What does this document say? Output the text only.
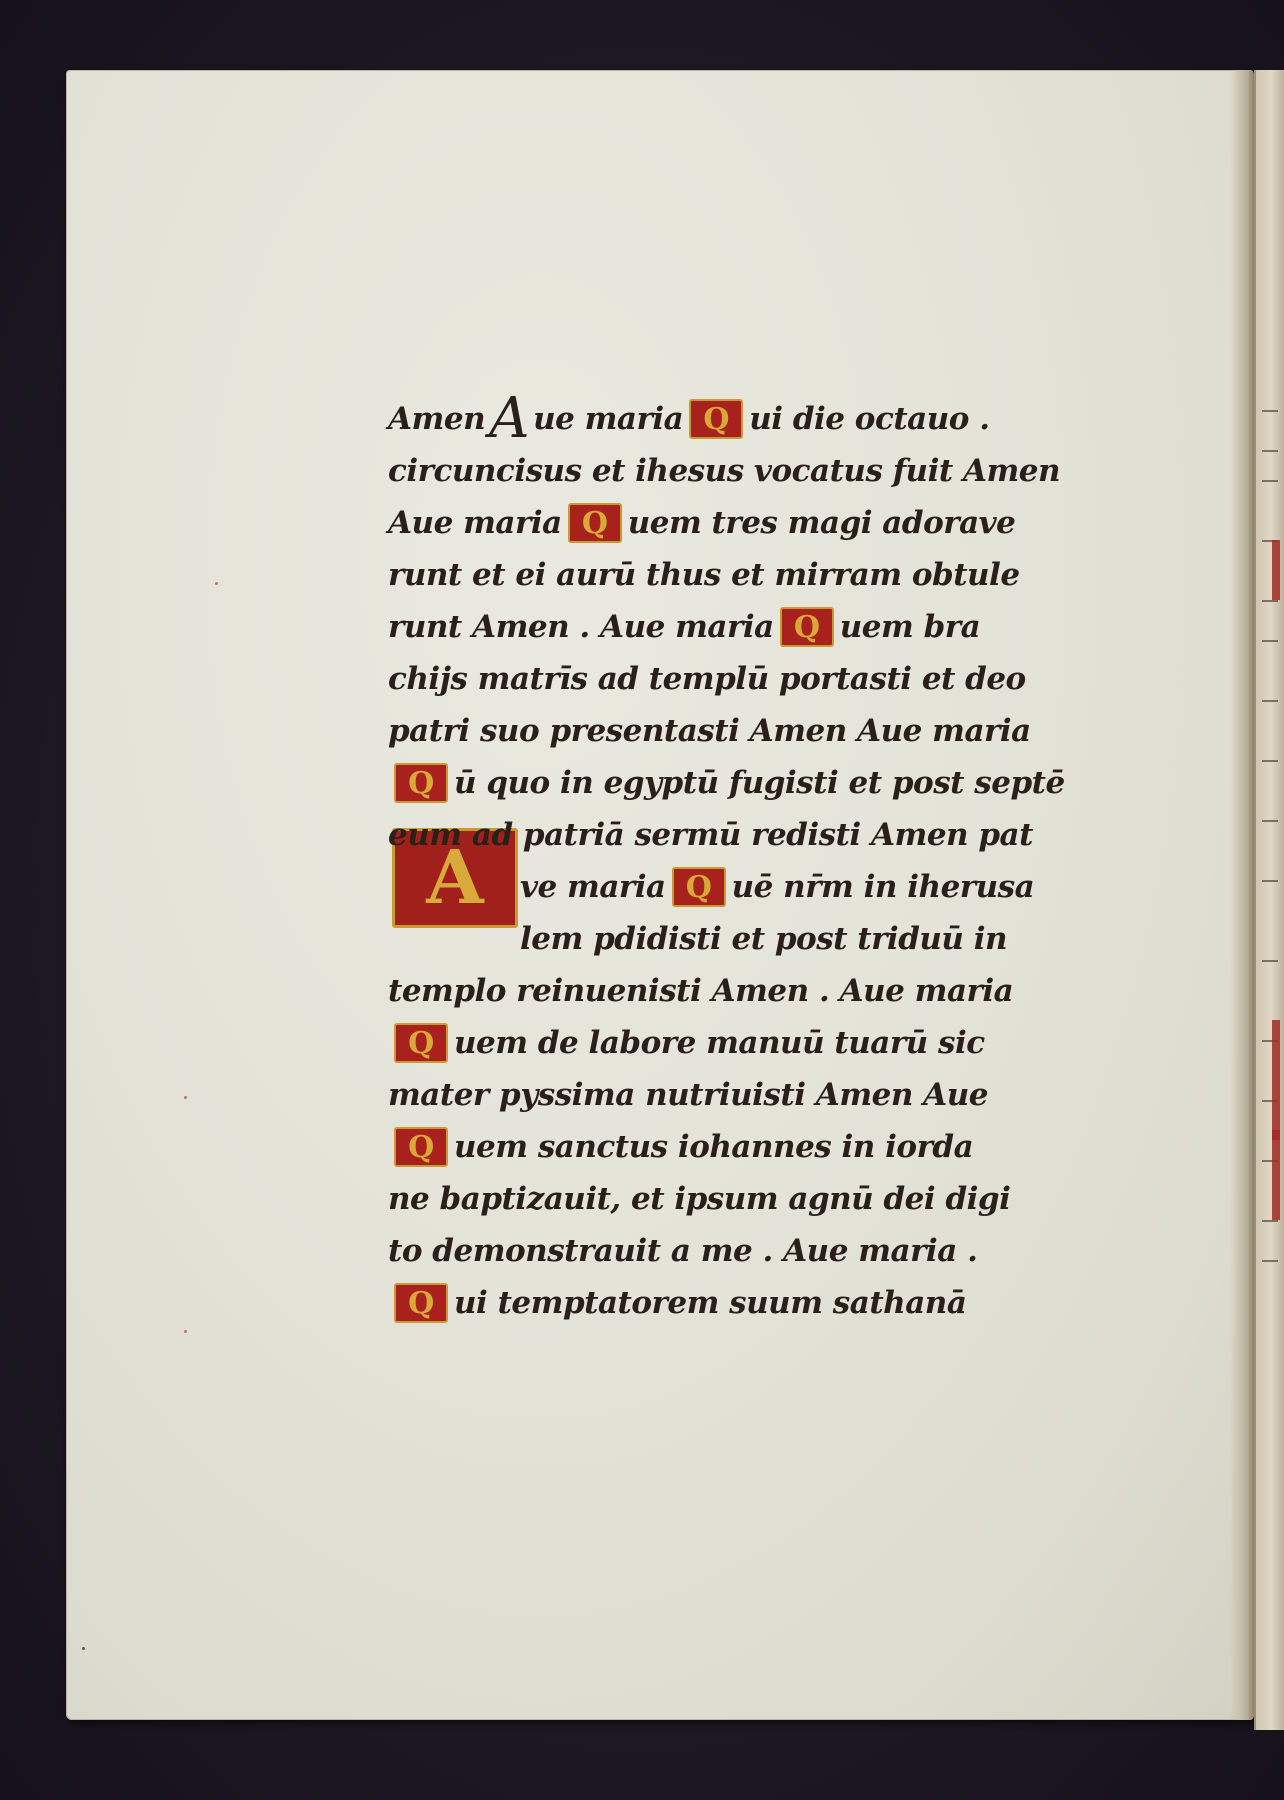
A
Amen A ue maria Q ui die octauo .
circuncisus et ihesus vocatus fuit Amen
Aue maria Q uem tres magi adorave
runt et ei aurū thus et mirram obtule
runt Amen . Aue maria Q uem bra
chijs matrīs ad templū portasti et deo
patri suo presentasti Amen Aue maria
Q ū quo in egyptū fugisti et post septē
eum ad patriā sermū redisti Amen pat
ve maria Q uē nr̄m in iherusa
lem pdidisti et post triduū in
templo reinuenisti Amen . Aue maria
Q uem de labore manuū tuarū sic
mater pyssima nutriuisti Amen Aue
Q uem sanctus iohannes in iorda
ne baptizauit, et ipsum agnū dei digi
to demonstrauit a me . Aue maria .
Q ui temptatorem suum sathanā
